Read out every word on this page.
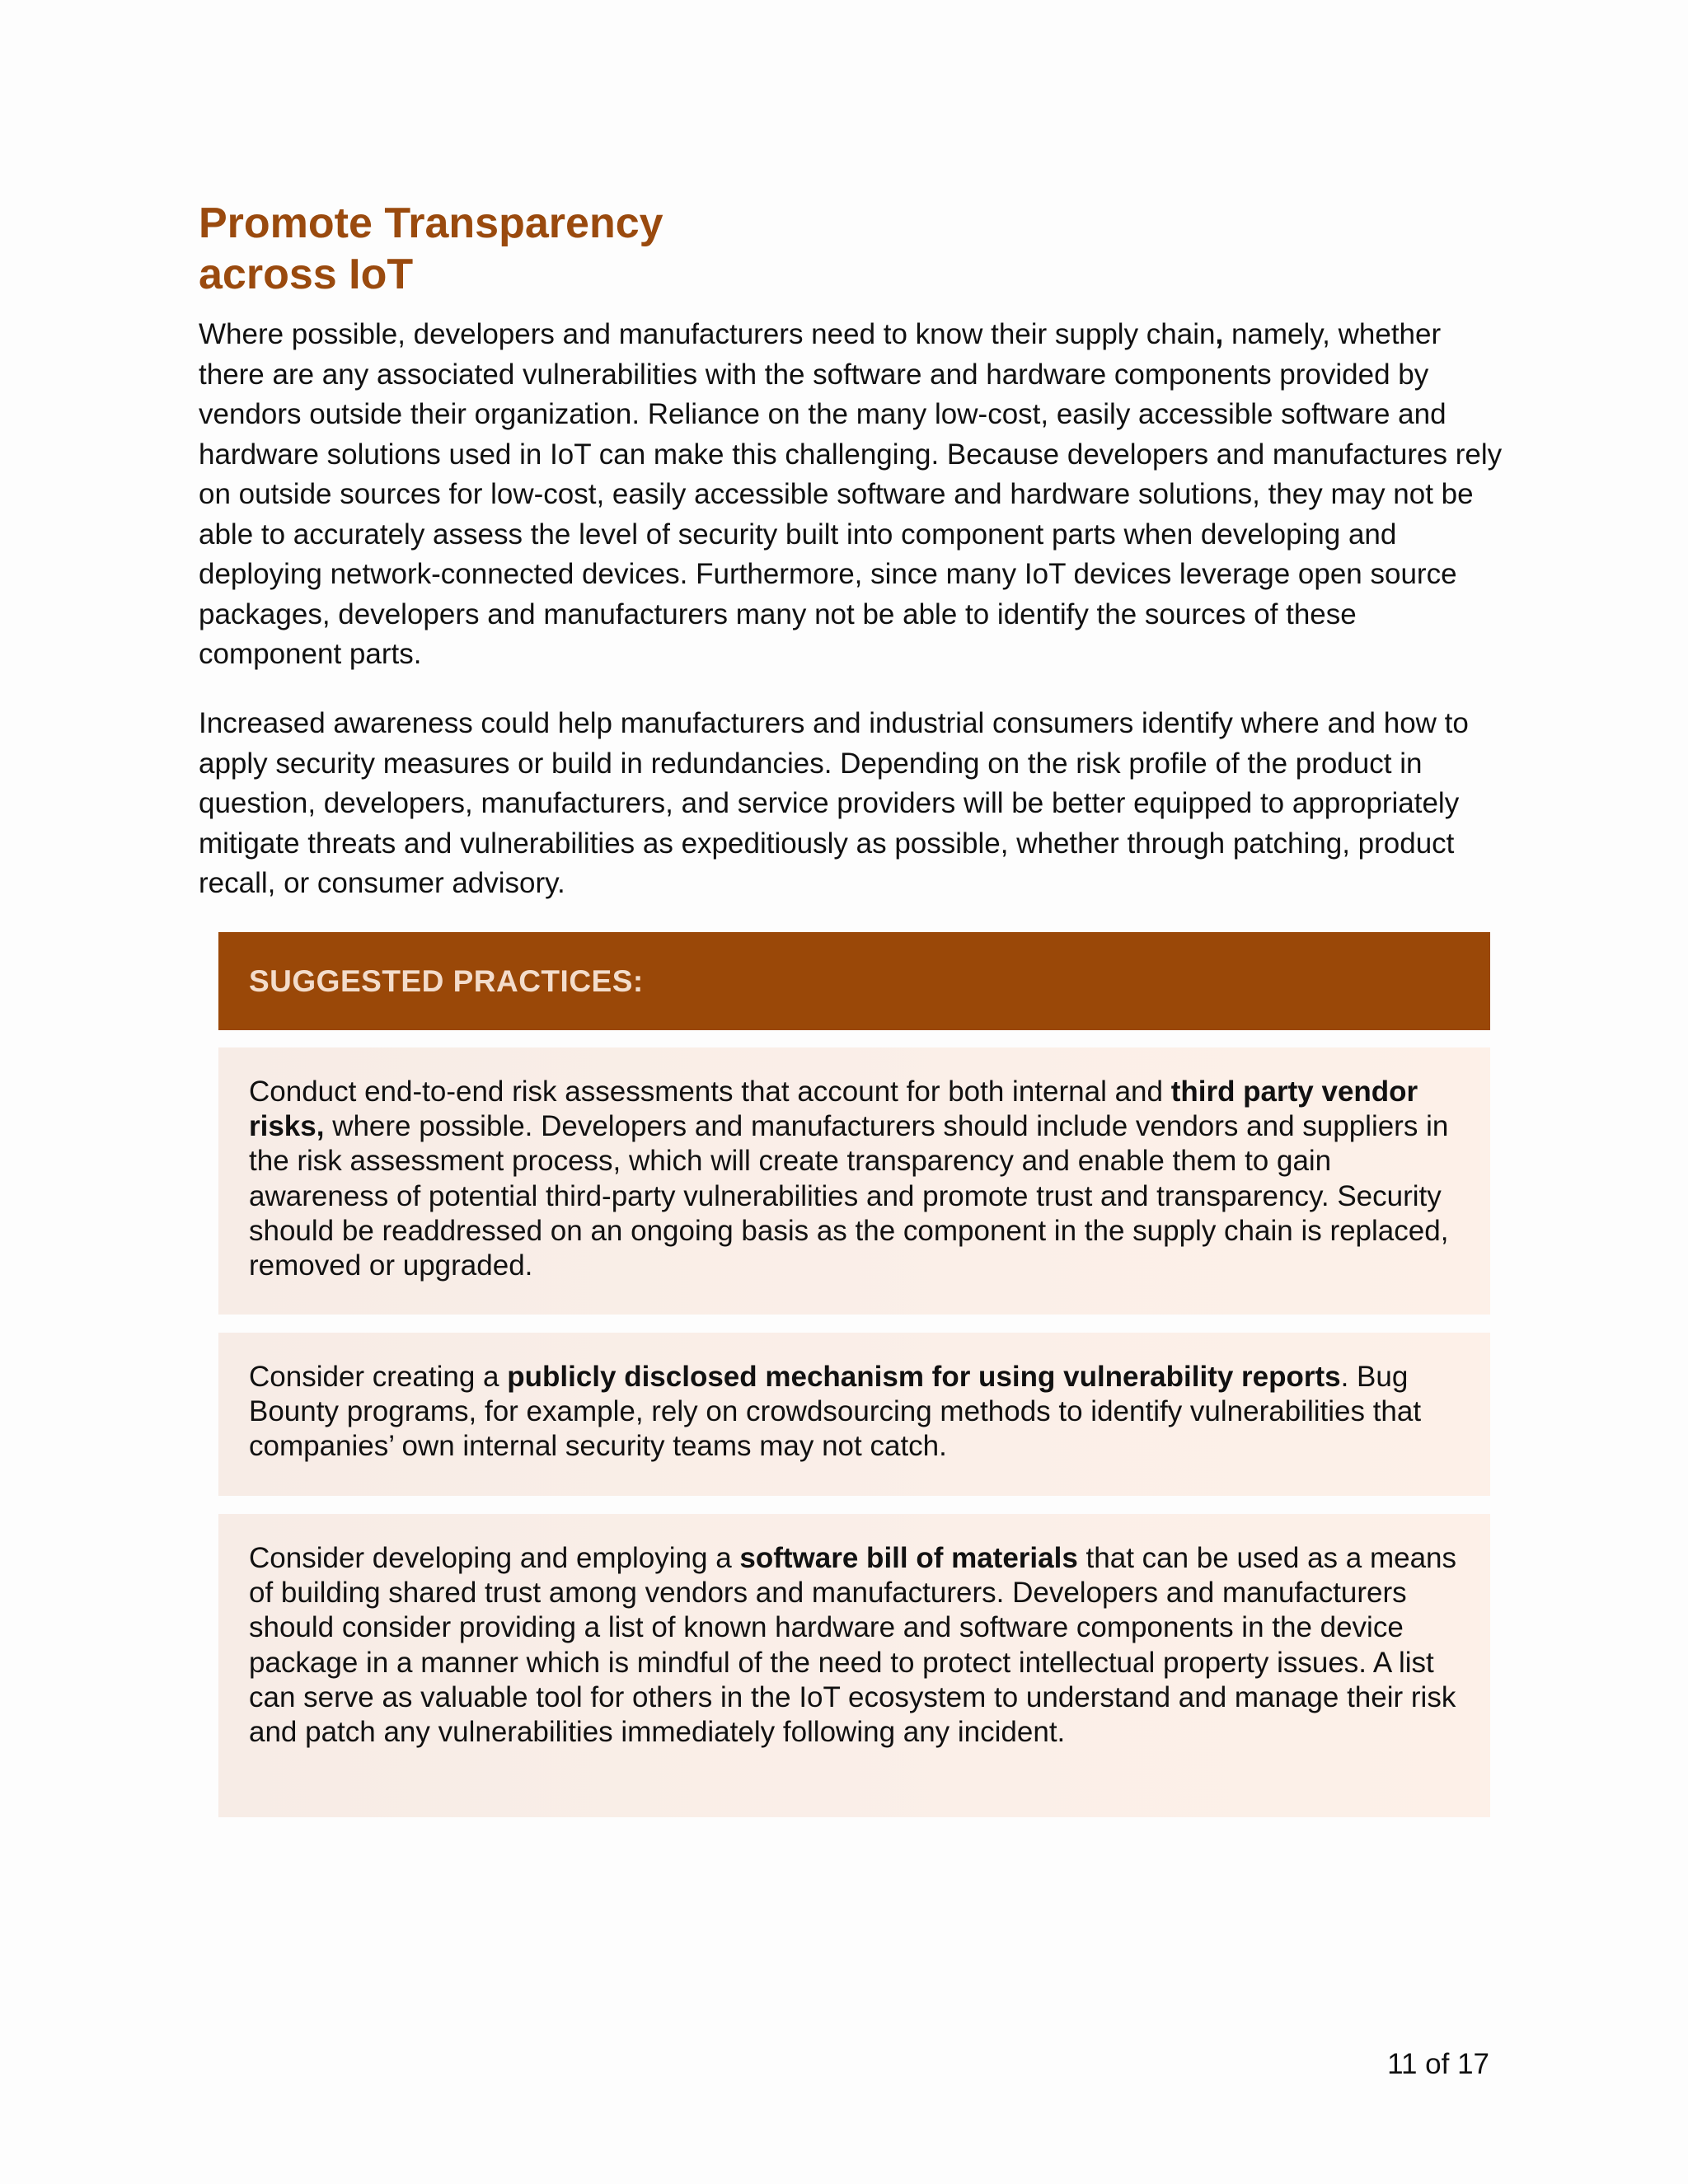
Promote Transparency
across IoT

Where possible, developers and manufacturers need to know their supply chain, namely, whether there are any associated vulnerabilities with the software and hardware components provided by vendors outside their organization. Reliance on the many low-cost, easily accessible software and hardware solutions used in IoT can make this challenging. Because developers and manufactures rely on outside sources for low-cost, easily accessible software and hardware solutions, they may not be able to accurately assess the level of security built into component parts when developing and deploying network-connected devices. Furthermore, since many IoT devices leverage open source packages, developers and manufacturers many not be able to identify the sources of these component parts.

Increased awareness could help manufacturers and industrial consumers identify where and how to apply security measures or build in redundancies. Depending on the risk profile of the product in question, developers, manufacturers, and service providers will be better equipped to appropriately mitigate threats and vulnerabilities as expeditiously as possible, whether through patching, product recall, or consumer advisory.

SUGGESTED PRACTICES:

Conduct end-to-end risk assessments that account for both internal and third party vendor risks, where possible. Developers and manufacturers should include vendors and suppliers in the risk assessment process, which will create transparency and enable them to gain awareness of potential third-party vulnerabilities and promote trust and transparency. Security should be readdressed on an ongoing basis as the component in the supply chain is replaced, removed or upgraded.

Consider creating a publicly disclosed mechanism for using vulnerability reports. Bug Bounty programs, for example, rely on crowdsourcing methods to identify vulnerabilities that companies’ own internal security teams may not catch.

Consider developing and employing a software bill of materials that can be used as a means of building shared trust among vendors and manufacturers. Developers and manufacturers should consider providing a list of known hardware and software components in the device package in a manner which is mindful of the need to protect intellectual property issues. A list can serve as valuable tool for others in the IoT ecosystem to understand and manage their risk and patch any vulnerabilities immediately following any incident.

11 of 17
